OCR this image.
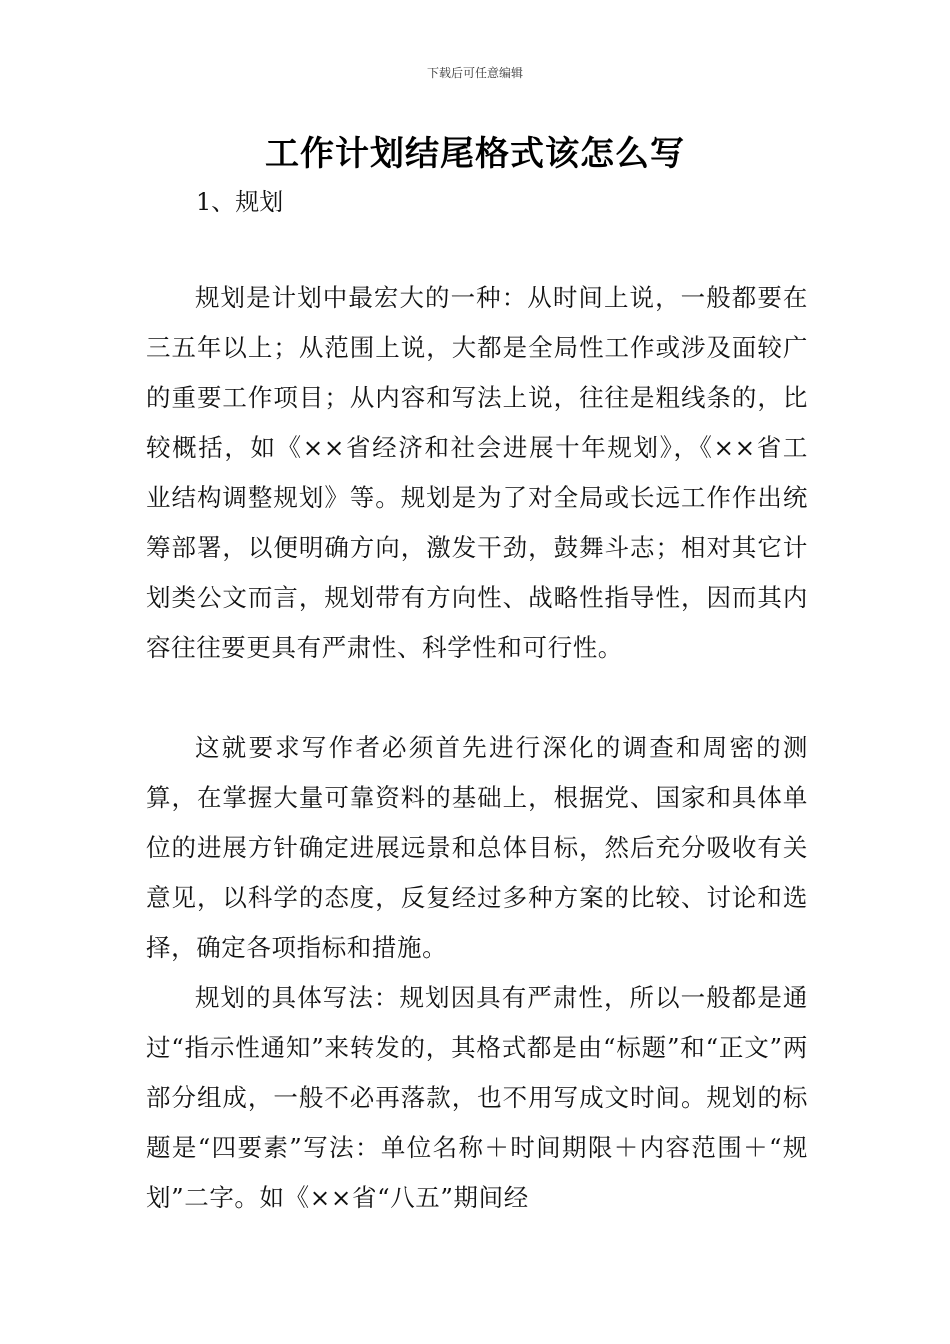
下载后可任意编辑
工作计划结尾格式该怎么写
1、规划

规划是计划中最宏大的一种：从时间上说，一般都要在三五年以上；从范围上说，大都是全局性工作或涉及面较广的重要工作项目；从内容和写法上说，往往是粗线条的，比较概括，如《××省经济和社会进展十年规划》，《××省工业结构调整规划》等。规划是为了对全局或长远工作作出统筹部署，以便明确方向，激发干劲，鼓舞斗志；相对其它计划类公文而言，规划带有方向性、战略性指导性，因而其内容往往要更具有严肃性、科学性和可行性。

这就要求写作者必须首先进行深化的调查和周密的测算，在掌握大量可靠资料的基础上，根据党、国家和具体单位的进展方针确定进展远景和总体目标，然后充分吸收有关意见，以科学的态度，反复经过多种方案的比较、讨论和选择，确定各项指标和措施。

规划的具体写法：规划因具有严肃性，所以一般都是通过“指示性通知”来转发的，其格式都是由“标题”和“正文”两部分组成，一般不必再落款，也不用写成文时间。规划的标题是“四要素”写法：单位名称＋时间期限＋内容范围＋“规划”二字。如《××省“八五”期间经
